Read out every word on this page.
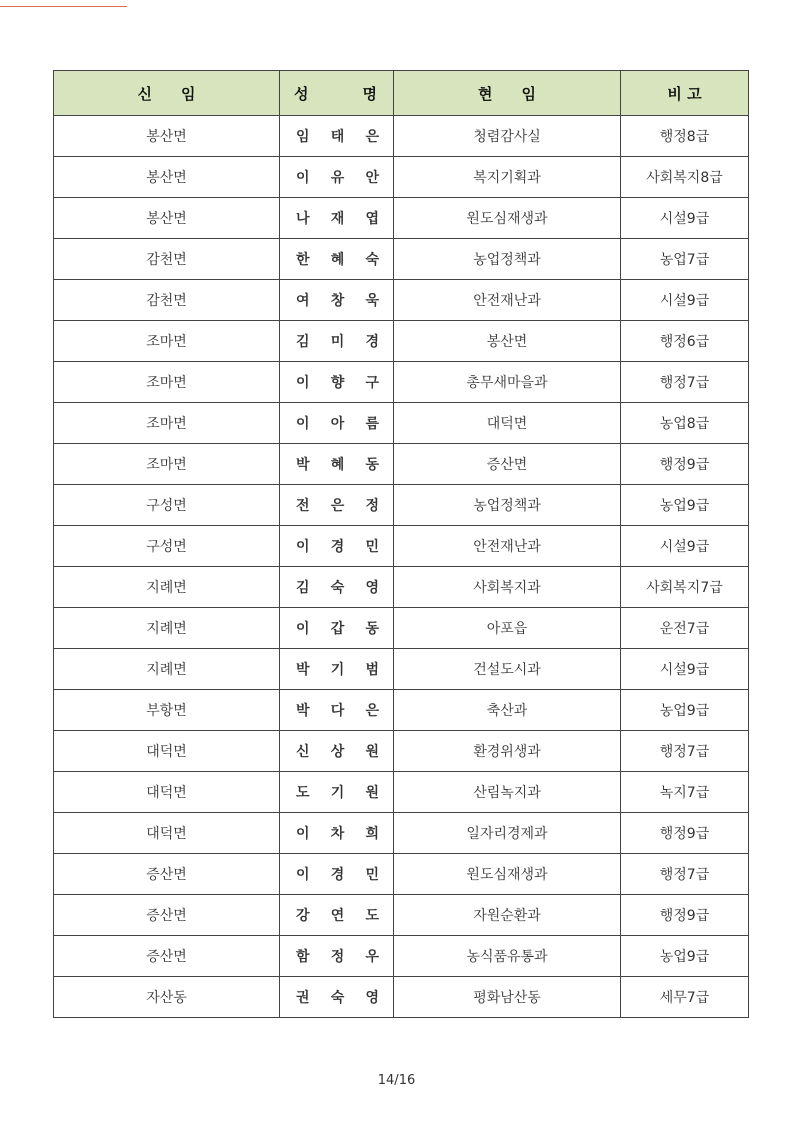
신 임	성 명	현 임	비 고
봉산면	임 태 은	청렴감사실	행정8급
봉산면	이 유 안	복지기획과	사회복지8급
봉산면	나 재 엽	원도심재생과	시설9급
감천면	한 혜 숙	농업정책과	농업7급
감천면	여 창 욱	안전재난과	시설9급
조마면	김 미 경	봉산면	행정6급
조마면	이 향 구	총무새마을과	행정7급
조마면	이 아 름	대덕면	농업8급
조마면	박 혜 동	증산면	행정9급
구성면	전 은 정	농업정책과	농업9급
구성면	이 경 민	안전재난과	시설9급
지례면	김 숙 영	사회복지과	사회복지7급
지례면	이 갑 동	아포읍	운전7급
지례면	박 기 범	건설도시과	시설9급
부항면	박 다 은	축산과	농업9급
대덕면	신 상 원	환경위생과	행정7급
대덕면	도 기 원	산림녹지과	녹지7급
대덕면	이 차 희	일자리경제과	행정9급
증산면	이 경 민	원도심재생과	행정7급
증산면	강 연 도	자원순환과	행정9급
증산면	함 정 우	농식품유통과	농업9급
자산동	권 숙 영	평화남산동	세무7급
14/16
